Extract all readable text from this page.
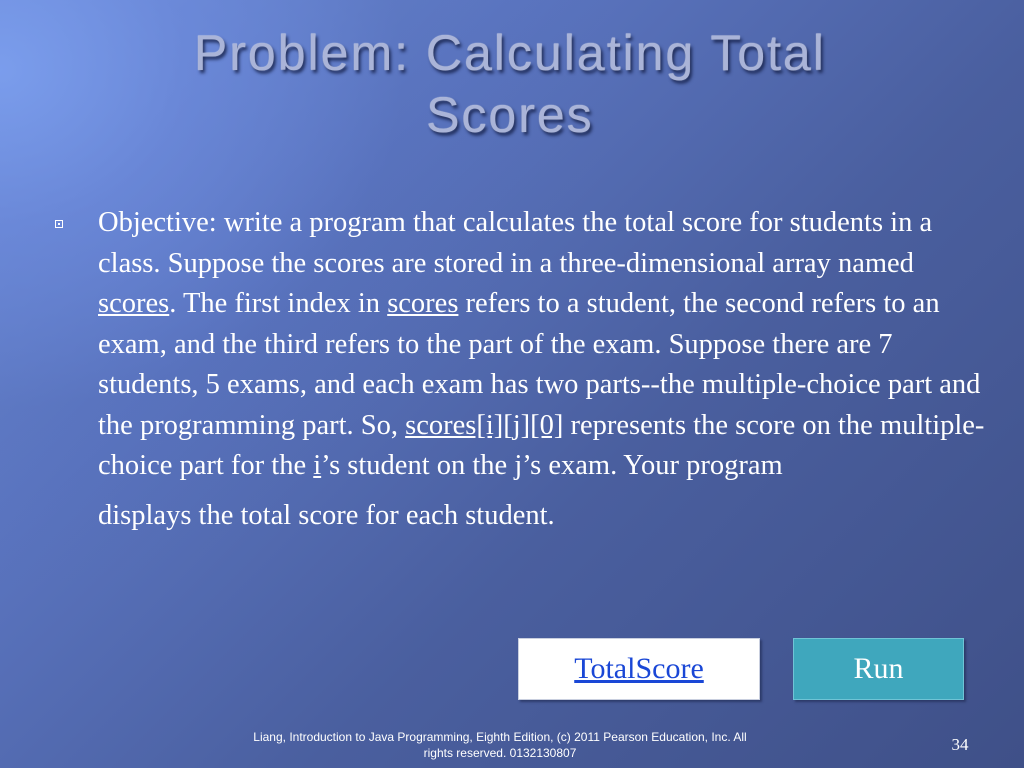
Problem: Calculating Total
Scores
Objective: write a program that calculates the total score for students in a class. Suppose the scores are stored in a three-dimensional array named scores. The first index in scores refers to a student, the second refers to an exam, and the third refers to the part of the exam. Suppose there are 7 students, 5 exams, and each exam has two parts--the multiple-choice part and the programming part. So, scores[i][j][0] represents the score on the multiple-choice part for the i’s student on the j’s exam. Your program
displays the total score for each student.
TotalScore	Run
Liang, Introduction to Java Programming, Eighth Edition, (c) 2011 Pearson Education, Inc. All
rights reserved. 0132130807	34
